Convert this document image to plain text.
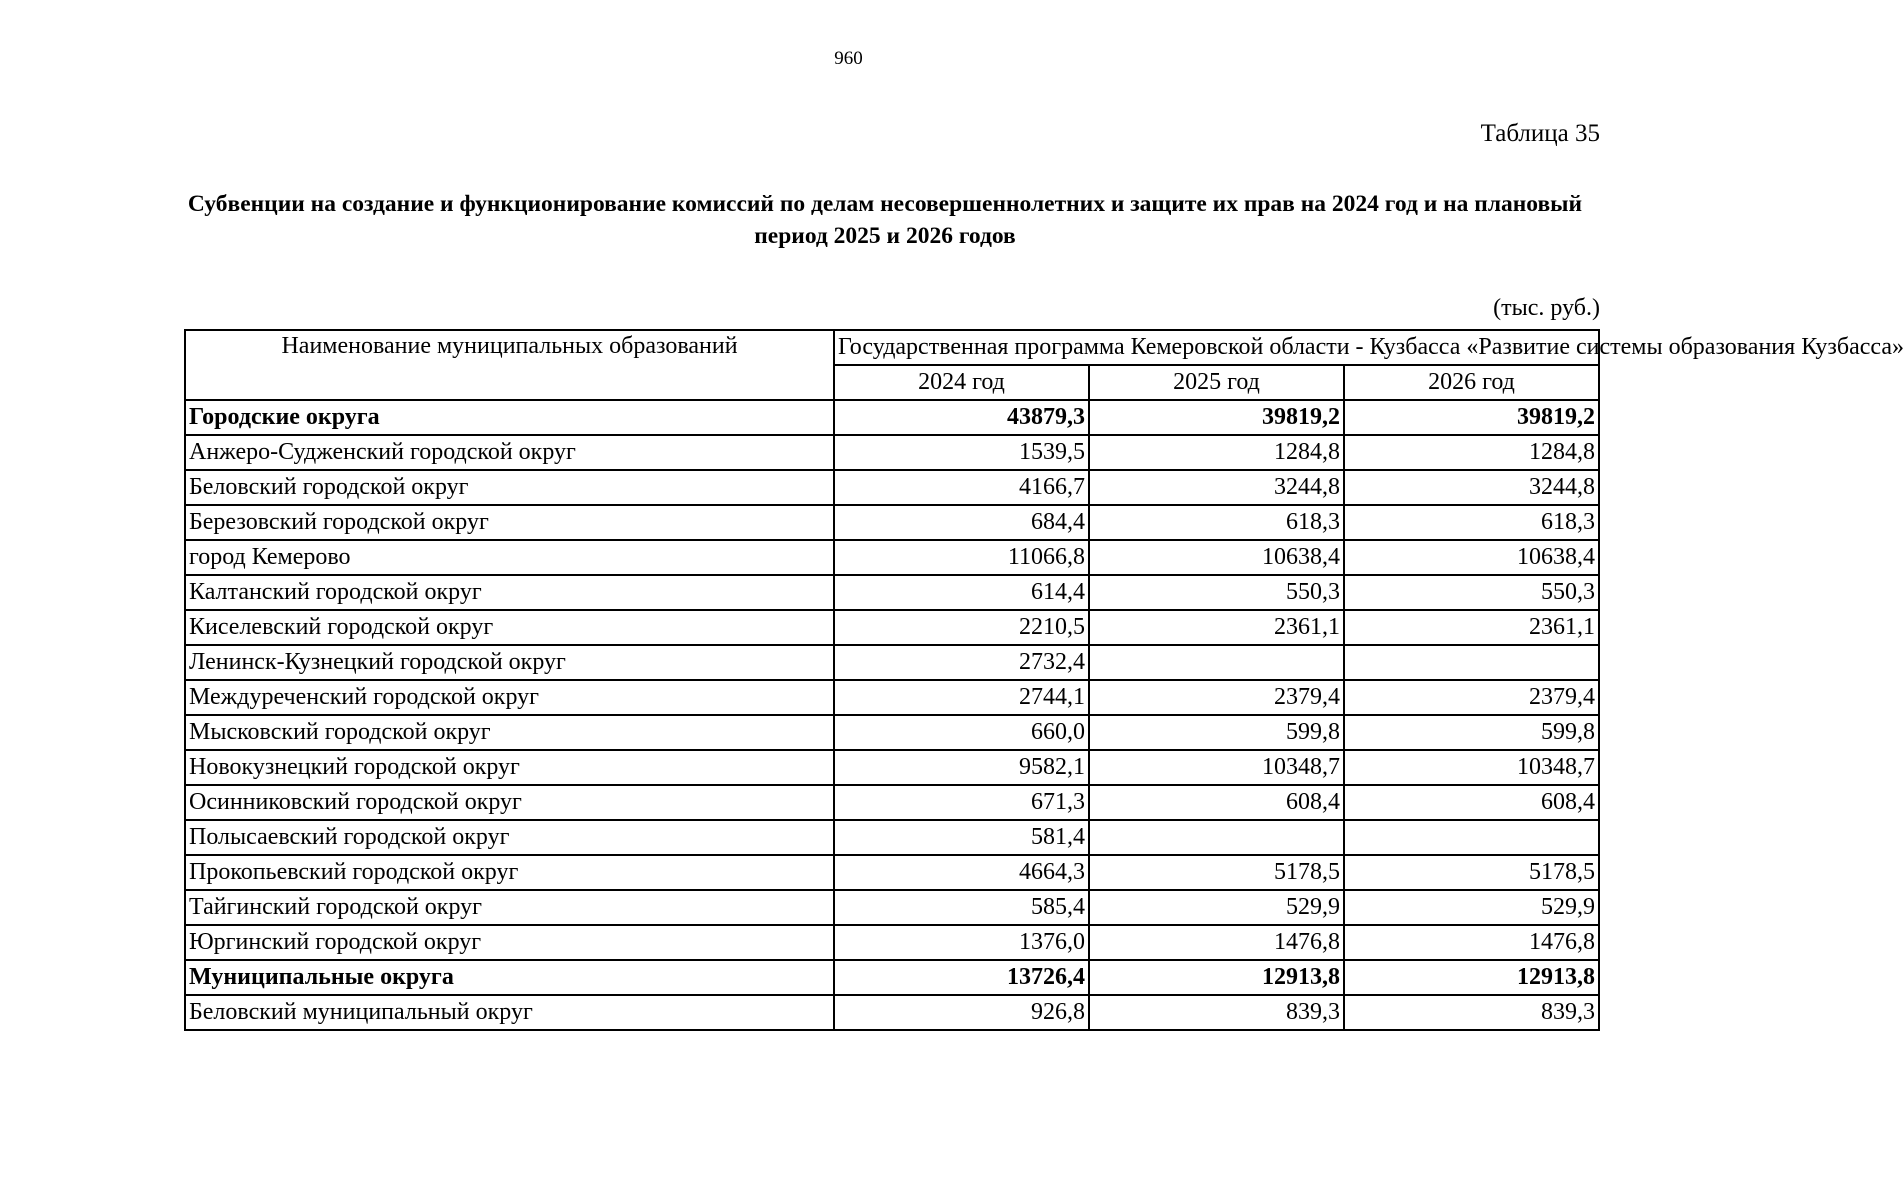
960
Таблица 35
Субвенции на создание и функционирование комиссий по делам несовершеннолетних и защите их прав на 2024 год и на плановый период 2025 и 2026 годов
(тыс. руб.)
Наименование муниципальных образований	Государственная программа Кемеровской области - Кузбасса «Развитие системы образования Кузбасса»		
	2024 год	2025 год	2026 год
Городские округа	43879,3	39819,2	39819,2
Анжеро-Судженский городской округ	1539,5	1284,8	1284,8
Беловский городской округ	4166,7	3244,8	3244,8
Березовский городской округ	684,4	618,3	618,3
город Кемерово	11066,8	10638,4	10638,4
Калтанский городской округ	614,4	550,3	550,3
Киселевский городской округ	2210,5	2361,1	2361,1
Ленинск-Кузнецкий городской округ	2732,4		
Междуреченский городской округ	2744,1	2379,4	2379,4
Мысковский городской округ	660,0	599,8	599,8
Новокузнецкий городской округ	9582,1	10348,7	10348,7
Осинниковский городской округ	671,3	608,4	608,4
Полысаевский городской округ	581,4		
Прокопьевский городской округ	4664,3	5178,5	5178,5
Тайгинский городской округ	585,4	529,9	529,9
Юргинский городской округ	1376,0	1476,8	1476,8
Муниципальные округа	13726,4	12913,8	12913,8
Беловский муниципальный округ	926,8	839,3	839,3
